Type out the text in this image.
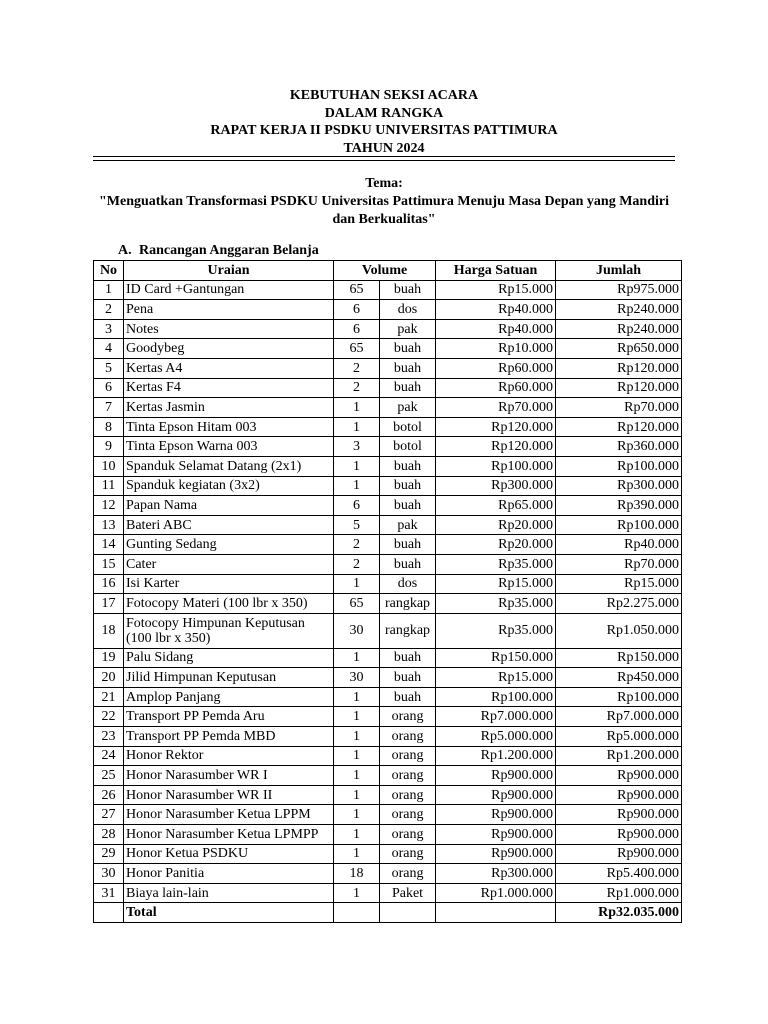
KEBUTUHAN SEKSI ACARA
DALAM RANGKA
RAPAT KERJA II PSDKU UNIVERSITAS PATTIMURA
TAHUN 2024
Tema:
"Menguatkan Transformasi PSDKU Universitas Pattimura Menuju Masa Depan yang Mandiri dan Berkualitas"
A. Rancangan Anggaran Belanja
No	Uraian	Volume		Harga Satuan	Jumlah
1	ID Card +Gantungan	65	buah	Rp15.000	Rp975.000
2	Pena	6	dos	Rp40.000	Rp240.000
3	Notes	6	pak	Rp40.000	Rp240.000
4	Goodybeg	65	buah	Rp10.000	Rp650.000
5	Kertas A4	2	buah	Rp60.000	Rp120.000
6	Kertas F4	2	buah	Rp60.000	Rp120.000
7	Kertas Jasmin	1	pak	Rp70.000	Rp70.000
8	Tinta Epson Hitam 003	1	botol	Rp120.000	Rp120.000
9	Tinta Epson Warna 003	3	botol	Rp120.000	Rp360.000
10	Spanduk Selamat Datang (2x1)	1	buah	Rp100.000	Rp100.000
11	Spanduk kegiatan (3x2)	1	buah	Rp300.000	Rp300.000
12	Papan Nama	6	buah	Rp65.000	Rp390.000
13	Bateri ABC	5	pak	Rp20.000	Rp100.000
14	Gunting Sedang	2	buah	Rp20.000	Rp40.000
15	Cater	2	buah	Rp35.000	Rp70.000
16	Isi Karter	1	dos	Rp15.000	Rp15.000
17	Fotocopy Materi (100 lbr x 350)	65	rangkap	Rp35.000	Rp2.275.000
18	Fotocopy Himpunan Keputusan (100 lbr x 350)	30	rangkap	Rp35.000	Rp1.050.000
19	Palu Sidang	1	buah	Rp150.000	Rp150.000
20	Jilid Himpunan Keputusan	30	buah	Rp15.000	Rp450.000
21	Amplop Panjang	1	buah	Rp100.000	Rp100.000
22	Transport PP Pemda Aru	1	orang	Rp7.000.000	Rp7.000.000
23	Transport PP Pemda MBD	1	orang	Rp5.000.000	Rp5.000.000
24	Honor Rektor	1	orang	Rp1.200.000	Rp1.200.000
25	Honor Narasumber WR I	1	orang	Rp900.000	Rp900.000
26	Honor Narasumber WR II	1	orang	Rp900.000	Rp900.000
27	Honor Narasumber Ketua LPPM	1	orang	Rp900.000	Rp900.000
28	Honor Narasumber Ketua LPMPP	1	orang	Rp900.000	Rp900.000
29	Honor Ketua PSDKU	1	orang	Rp900.000	Rp900.000
30	Honor Panitia	18	orang	Rp300.000	Rp5.400.000
31	Biaya lain-lain	1	Paket	Rp1.000.000	Rp1.000.000
	Total				Rp32.035.000
